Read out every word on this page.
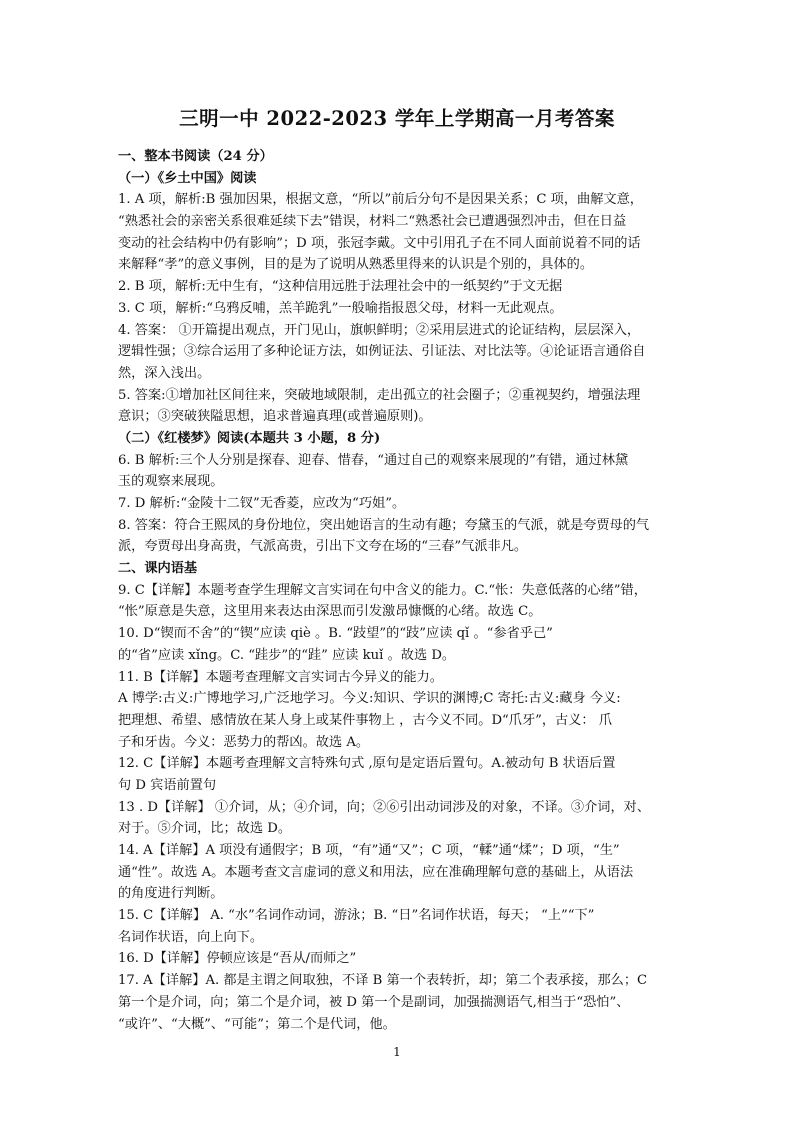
三明一中 2022-2023 学年上学期高一月考答案
一、整本书阅读（24 分）
（一）《乡土中国》阅读
1. A 项，解析:B 强加因果，根据文意，“所以”前后分句不是因果关系；C 项，曲解文意，
“熟悉社会的亲密关系很难延续下去”错误，材料二“熟悉社会已遭遇强烈冲击，但在日益
变动的社会结构中仍有影响”；D 项，张冠李戴。文中引用孔子在不同人面前说着不同的话
来解释“孝”的意义事例，目的是为了说明从熟悉里得来的认识是个别的，具体的。
2. B 项，解析:无中生有，“这种信用远胜于法理社会中的一纸契约”于文无据
3. C 项，解析:“乌鸦反哺，羔羊跪乳”一般喻指报恩父母，材料一无此观点。
4. 答案： ①开篇提出观点，开门见山，旗帜鲜明；②采用层进式的论证结构，层层深入，
逻辑性强；③综合运用了多种论证方法，如例证法、引证法、对比法等。④论证语言通俗自
然，深入浅出。
5. 答案:①增加社区间往来，突破地域限制，走出孤立的社会圈子；②重视契约，增强法理
意识；③突破狭隘思想，追求普遍真理(或普遍原则)。
（二）《红楼梦》阅读(本题共 3 小题，8 分)
6. B 解析:三个人分别是探春、迎春、惜春，“通过自己的观察来展现的”有错，通过林黛
玉的观察来展现。
7. D 解析:“金陵十二钗”无香菱，应改为“巧姐”。
8. 答案：符合王熙凤的身份地位，突出她语言的生动有趣；夸黛玉的气派，就是夸贾母的气
派，夸贾母出身高贵，气派高贵，引出下文夸在场的“三春”气派非凡。
二、课内语基
9. C【详解】本题考查学生理解文言实词在句中含义的能力。C.“怅：失意低落的心绪”错，
“怅”原意是失意，这里用来表达由深思而引发激昂慷慨的心绪。故选 C。
10. D“锲而不舍”的“锲”应读 qiè 。B. “跂望”的“跂”应读 qǐ 。“参省乎己”
的“省”应读 xǐng。C. “跬步”的“跬” 应读 kuǐ 。故选 D。
11. B【详解】本题考查理解文言实词古今异义的能力。
A 博学:古义:广博地学习,广泛地学习。今义:知识、学识的渊博;C 寄托:古义:藏身 今义:
把理想、希望、感情放在某人身上或某件事物上 ，古今义不同。D“爪牙”，古义： 爪
子和牙齿。今义：恶势力的帮凶。故选 A。
12. C【详解】本题考查理解文言特殊句式 ,原句是定语后置句。A.被动句 B 状语后置
句 D 宾语前置句
13 . D【详解】 ①介词，从；④介词，向；②⑥引出动词涉及的对象，不译。③介词，对、
对于。⑤介词，比；故选 D。
14. A【详解】A 项没有通假字；B 项，“有”通“又”；C 项，“輮”通“煣”；D 项，“生”
通“性”。故选 A。本题考查文言虚词的意义和用法，应在准确理解句意的基础上，从语法
的角度进行判断。
15. C【详解】 A. “水”名词作动词，游泳；B. “日”名词作状语，每天； “上”“下”
名词作状语，向上向下。
16. D【详解】停顿应该是“吾从/而师之”
17. A【详解】A. 都是主谓之间取独，不译 B 第一个表转折，却；第二个表承接，那么；C
第一个是介词，向；第二个是介词，被 D 第一个是副词，加强揣测语气,相当于“恐怕”、
“或许”、“大概”、“可能”；第二个是代词，他。
1
